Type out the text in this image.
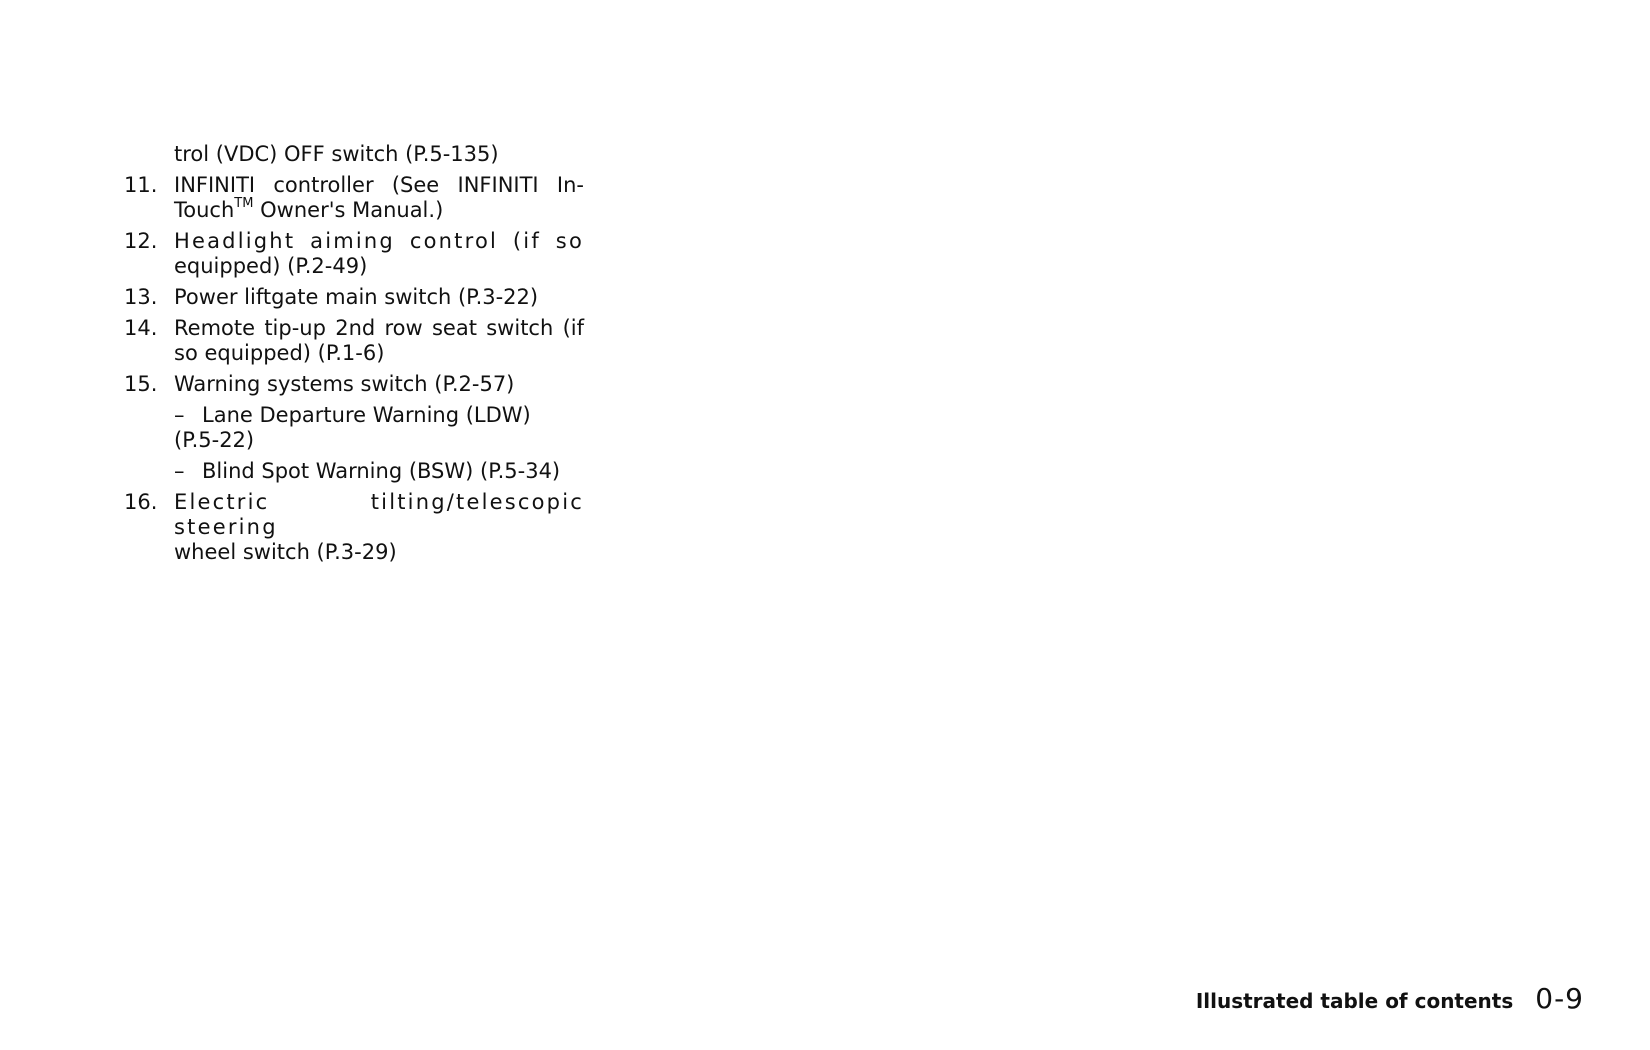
trol (VDC) OFF switch (P.5-135)
11. INFINITI controller (See INFINITI In-
Touch™ Owner's Manual.)
12. Headlight aiming control (if so
equipped) (P.2-49)
13. Power liftgate main switch (P.3-22)
14. Remote tip-up 2nd row seat switch (if
so equipped) (P.1-6)
15. Warning systems switch (P.2-57)
– Lane Departure Warning (LDW)
(P.5-22)
– Blind Spot Warning (BSW) (P.5-34)
16. Electric tilting/telescopic steering
wheel switch (P.3-29)
Illustrated table of contents 0-9
